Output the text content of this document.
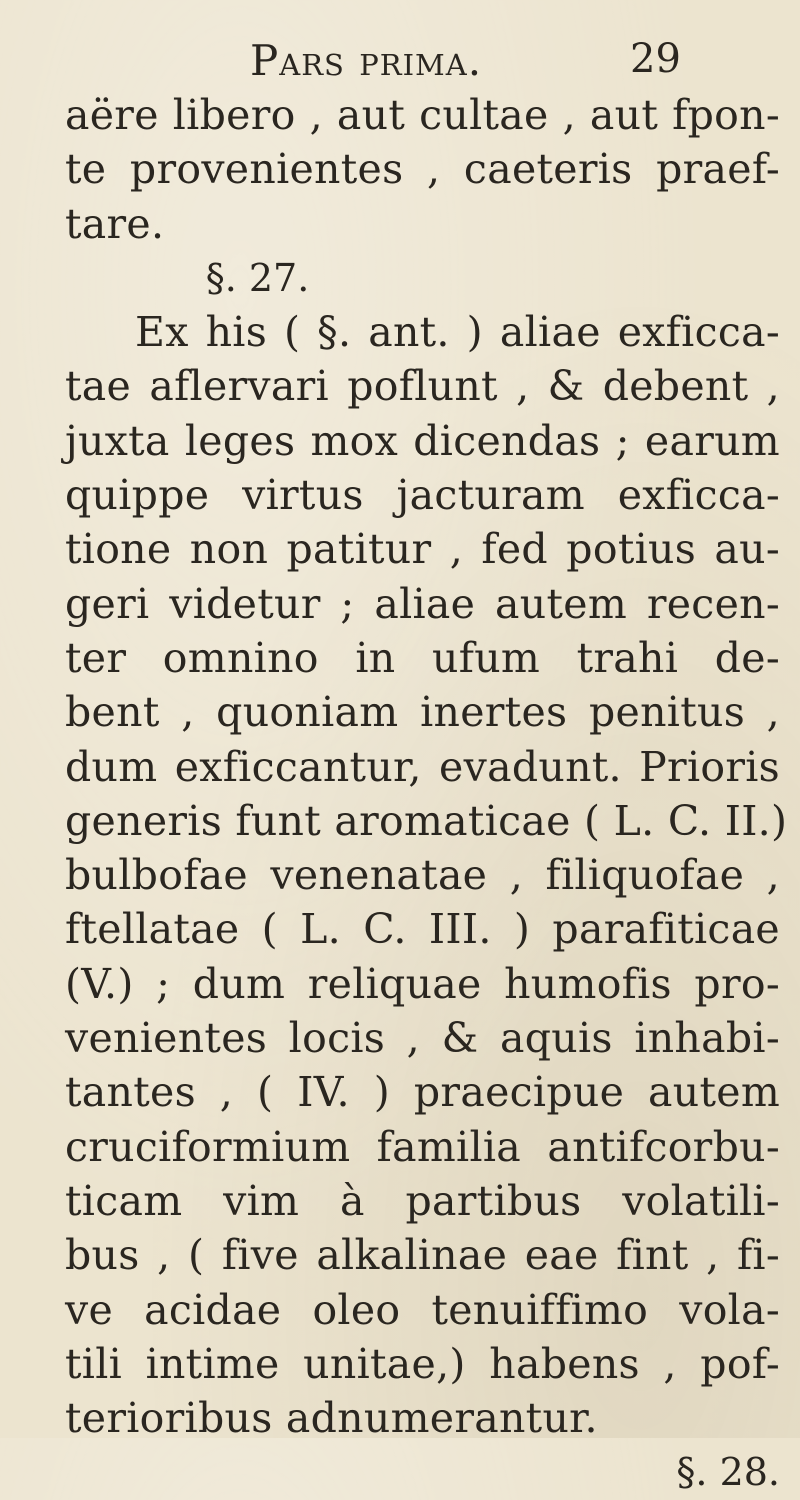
Pars prima.	29
aëre libero , aut cultae , aut fpon-
te provenientes , caeteris praef-
tare.
§. 27.
Ex his ( §. ant. ) aliae exficca-
tae aflervari poflunt , & debent ,
juxta leges mox dicendas ; earum
quippe virtus jacturam exficca-
tione non patitur , fed potius au-
geri videtur ; aliae autem recen-
ter omnino in ufum trahi de-
bent , quoniam inertes penitus ,
dum exficcantur, evadunt. Prioris
generis funt aromaticae ( L. C. II.)
bulbofae venenatae , filiquofae ,
ftellatae ( L. C. III. ) parafiticae
(V.) ; dum reliquae humofis pro-
venientes locis , & aquis inhabi-
tantes , ( IV. ) praecipue autem
cruciformium familia antifcorbu-
ticam vim à partibus volatili-
bus , ( five alkalinae eae fint , fi-
ve acidae oleo tenuiffimo vola-
tili intime unitae,) habens , pof-
terioribus adnumerantur.
§. 28.
